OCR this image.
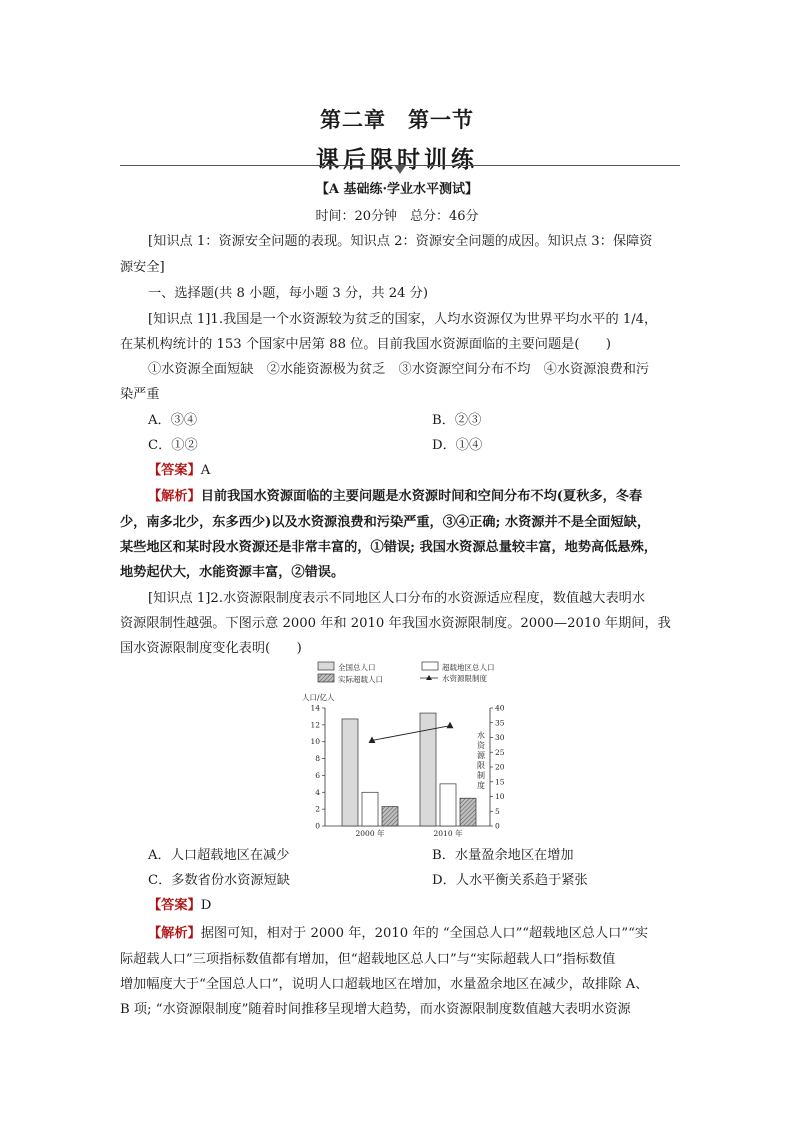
第二章　第一节
课后限时训练
【A 基础练·学业水平测试】
时间：20分钟　总分：46分
[知识点 1：资源安全问题的表现。知识点 2：资源安全问题的成因。知识点 3：保障资
源安全]
一、选择题(共 8 小题，每小题 3 分，共 24 分)
[知识点 1]1.我国是一个水资源较为贫乏的国家，人均水资源仅为世界平均水平的 1/4，
在某机构统计的 153 个国家中居第 88 位。目前我国水资源面临的主要问题是(　　)
①水资源全面短缺　②水能资源极为贫乏　③水资源空间分布不均　④水资源浪费和污
染严重
A．③④	B．②③
C．①②	D．①④
【答案】A
【解析】目前我国水资源面临的主要问题是水资源时间和空间分布不均(夏秋多，冬春
少，南多北少，东多西少)以及水资源浪费和污染严重，③④正确; 水资源并不是全面短缺，
某些地区和某时段水资源还是非常丰富的，①错误; 我国水资源总量较丰富，地势高低悬殊，
地势起伏大，水能资源丰富，②错误。
[知识点 1]2.水资源限制度表示不同地区人口分布的水资源适应程度，数值越大表明水
资源限制性越强。下图示意 2000 年和 2010 年我国水资源限制度。2000—2010 年期间，我
国水资源限制度变化表明(　　)
全国总人口	超载地区总人口
实际超载人口	水资源限制度
人口/亿人
0
2
4
6
8
10
12
14
0
5
10
15
20
25
30
35
40
水
资
源
限
制
度
2000 年	2010 年
A．人口超载地区在减少	B．水量盈余地区在增加
C．多数省份水资源短缺	D．人水平衡关系趋于紧张
【答案】D
【解析】据图可知，相对于 2000 年，2010 年的 “全国总人口”“超载地区总人口”“实
际超载人口”三项指标数值都有增加，但“超载地区总人口”与“实际超载人口”指标数值
增加幅度大于“全国总人口”，说明人口超载地区在增加，水量盈余地区在减少，故排除 A、
B 项; “水资源限制度”随着时间推移呈现增大趋势，而水资源限制度数值越大表明水资源
